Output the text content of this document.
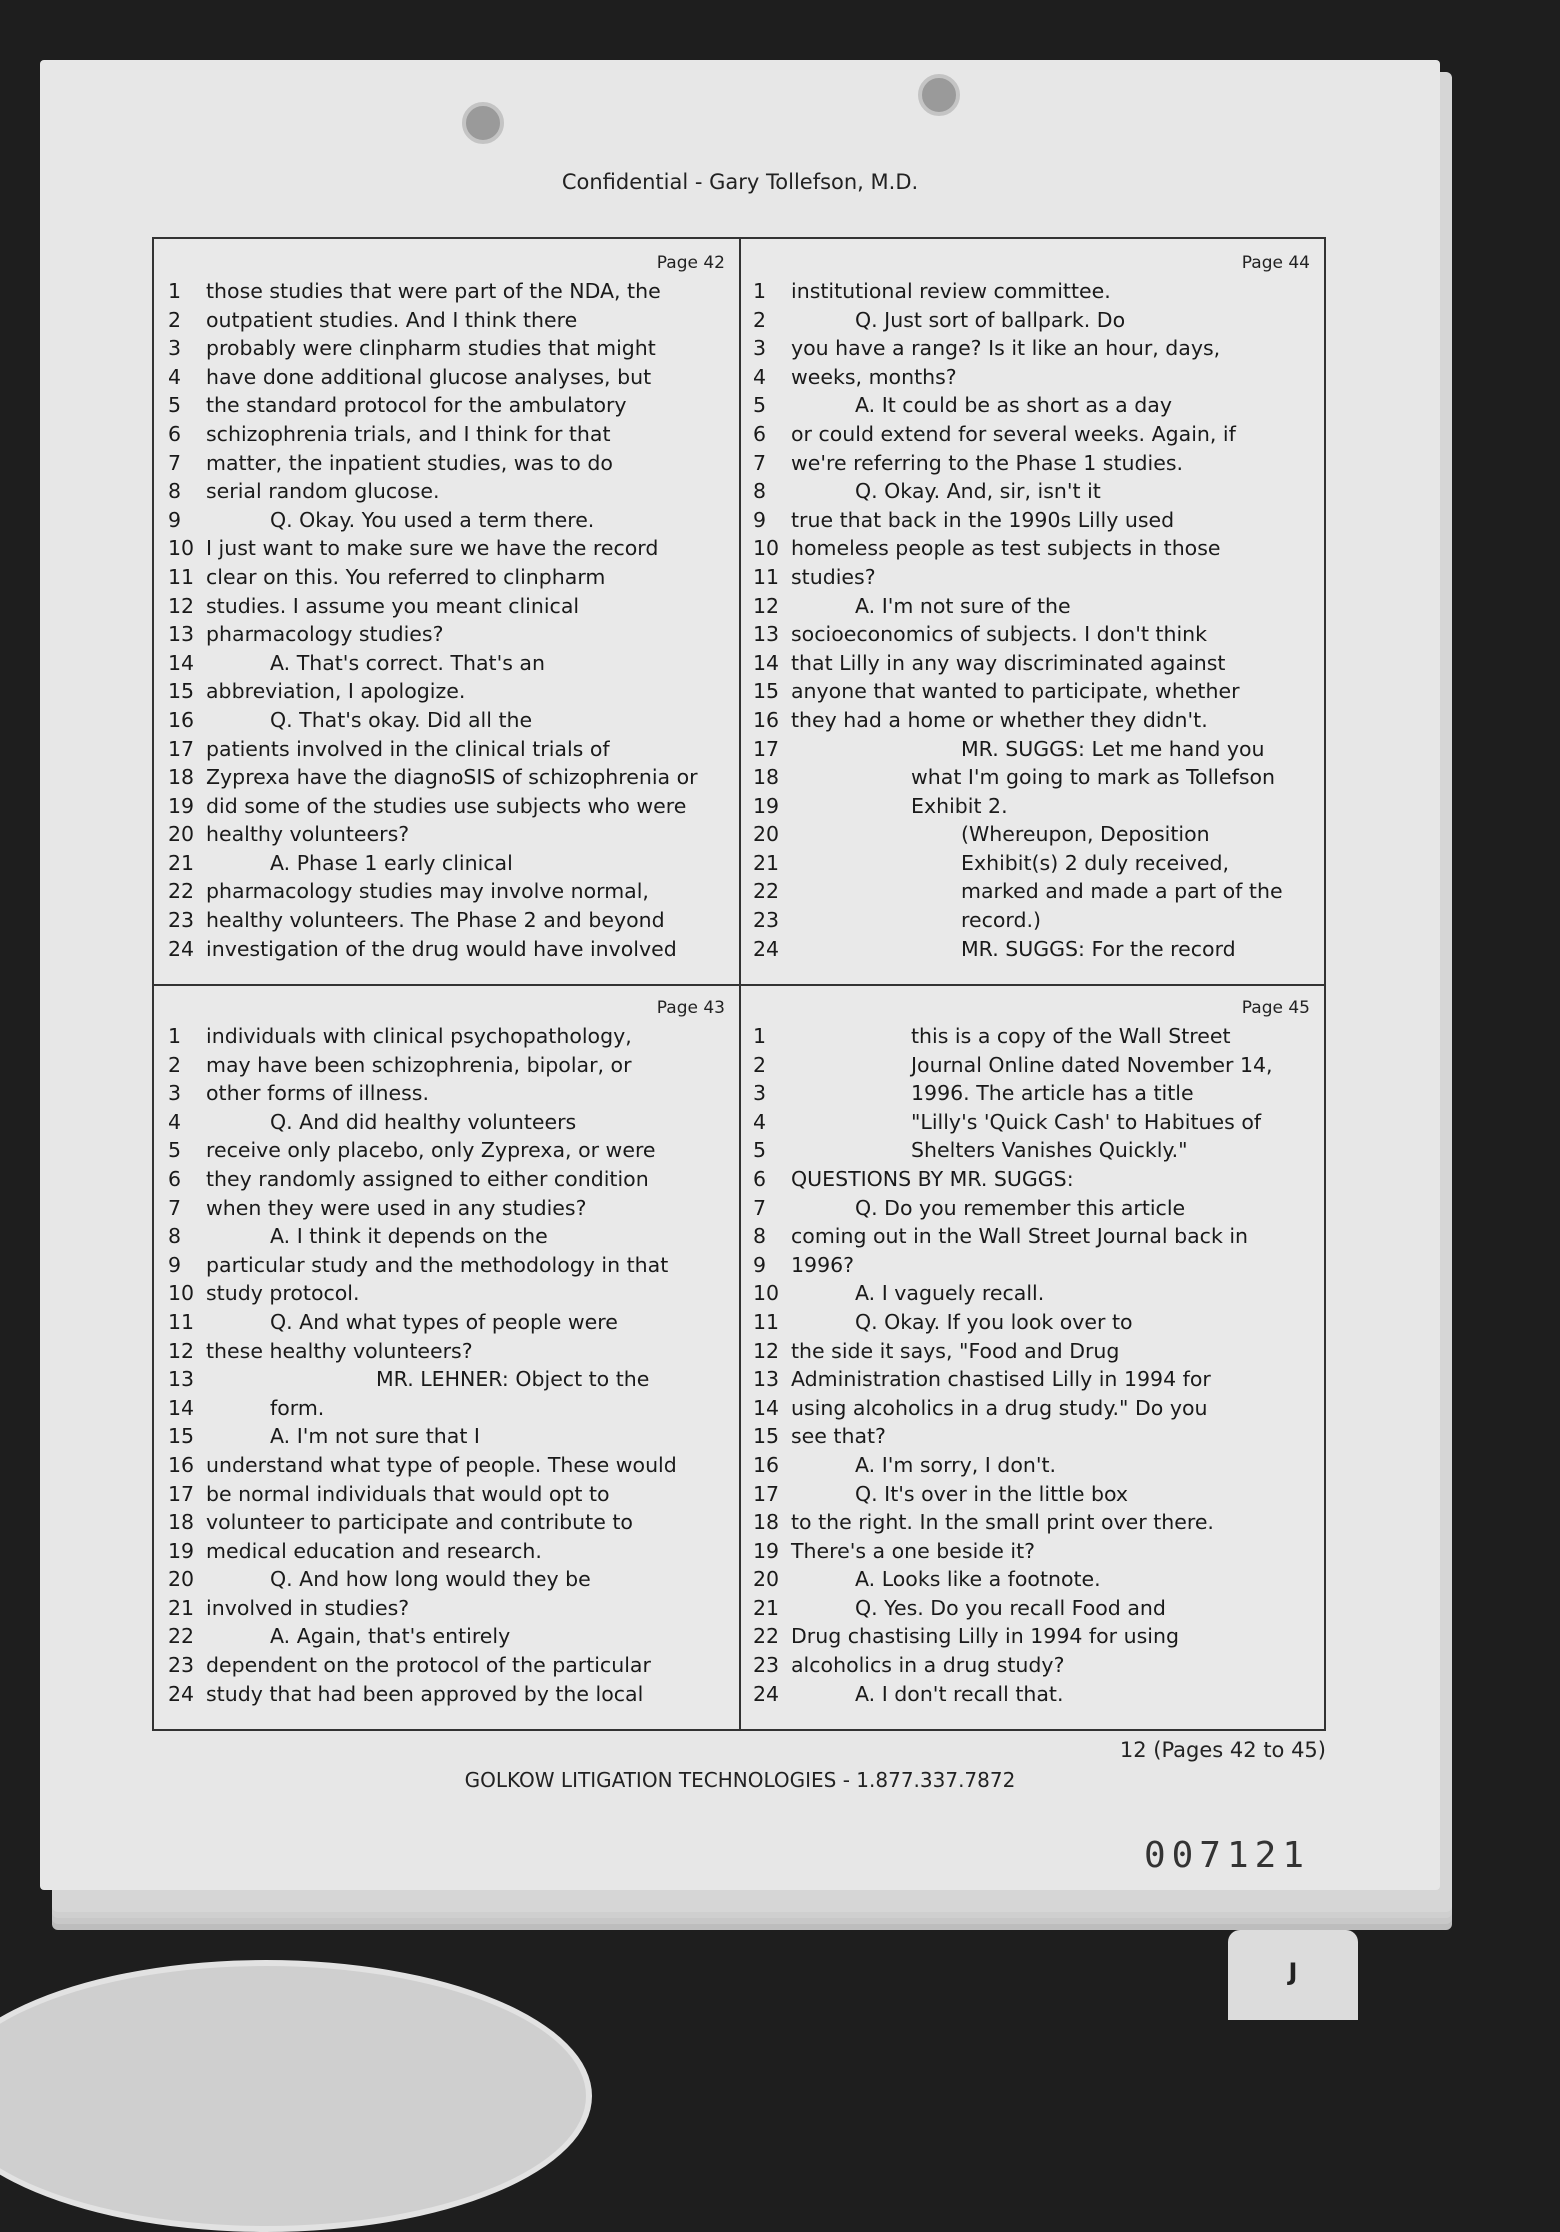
J
Confidential - Gary Tollefson, M.D.
Page 42
1	those studies that were part of the NDA, the
2	outpatient studies. And I think there
3	probably were clinpharm studies that might
4	have done additional glucose analyses, but
5	the standard protocol for the ambulatory
6	schizophrenia trials, and I think for that
7	matter, the inpatient studies, was to do
8	serial random glucose.
9	Q. Okay. You used a term there.
10 I just want to make sure we have the record
11 clear on this. You referred to clinpharm
12 studies. I assume you meant clinical
13 pharmacology studies?
14	A. That's correct. That's an
15 abbreviation, I apologize.
16	Q. That's okay. Did all the
17 patients involved in the clinical trials of
18 Zyprexa have the diagnoSIS of schizophrenia or
19 did some of the studies use subjects who were
20 healthy volunteers?
21	A. Phase 1 early clinical
22 pharmacology studies may involve normal,
23 healthy volunteers. The Phase 2 and beyond
24 investigation of the drug would have involved
Page 44
1	institutional review committee.
2	Q. Just sort of ballpark. Do
3	you have a range? Is it like an hour, days,
4	weeks, months?
5	A. It could be as short as a day
6	or could extend for several weeks. Again, if
7	we're referring to the Phase 1 studies.
8	Q. Okay. And, sir, isn't it
9	true that back in the 1990s Lilly used
10 homeless people as test subjects in those
11 studies?
12	A. I'm not sure of the
13 socioeconomics of subjects. I don't think
14 that Lilly in any way discriminated against
15 anyone that wanted to participate, whether
16 they had a home or whether they didn't.
17	MR. SUGGS: Let me hand you
18	what I'm going to mark as Tollefson
19	Exhibit 2.
20	(Whereupon, Deposition
21	Exhibit(s) 2 duly received,
22	marked and made a part of the
23	record.)
24	MR. SUGGS: For the record
Page 43
1	individuals with clinical psychopathology,
2	may have been schizophrenia, bipolar, or
3	other forms of illness.
4	Q. And did healthy volunteers
5	receive only placebo, only Zyprexa, or were
6	they randomly assigned to either condition
7	when they were used in any studies?
8	A. I think it depends on the
9	particular study and the methodology in that
10 study protocol.
11	Q. And what types of people were
12 these healthy volunteers?
13	MR. LEHNER: Object to the
14	form.
15	A. I'm not sure that I
16 understand what type of people. These would
17 be normal individuals that would opt to
18 volunteer to participate and contribute to
19 medical education and research.
20	Q. And how long would they be
21 involved in studies?
22	A. Again, that's entirely
23 dependent on the protocol of the particular
24 study that had been approved by the local
Page 45
1	this is a copy of the Wall Street
2	Journal Online dated November 14,
3	1996. The article has a title
4	"Lilly's 'Quick Cash' to Habitues of
5	Shelters Vanishes Quickly."
6	QUESTIONS BY MR. SUGGS:
7	Q. Do you remember this article
8	coming out in the Wall Street Journal back in
9	1996?
10	A. I vaguely recall.
11	Q. Okay. If you look over to
12 the side it says, "Food and Drug
13 Administration chastised Lilly in 1994 for
14 using alcoholics in a drug study." Do you
15 see that?
16	A. I'm sorry, I don't.
17	Q. It's over in the little box
18 to the right. In the small print over there.
19 There's a one beside it?
20	A. Looks like a footnote.
21	Q. Yes. Do you recall Food and
22 Drug chastising Lilly in 1994 for using
23 alcoholics in a drug study?
24	A. I don't recall that.
12 (Pages 42 to 45)
GOLKOW LITIGATION TECHNOLOGIES - 1.877.337.7872
007121
